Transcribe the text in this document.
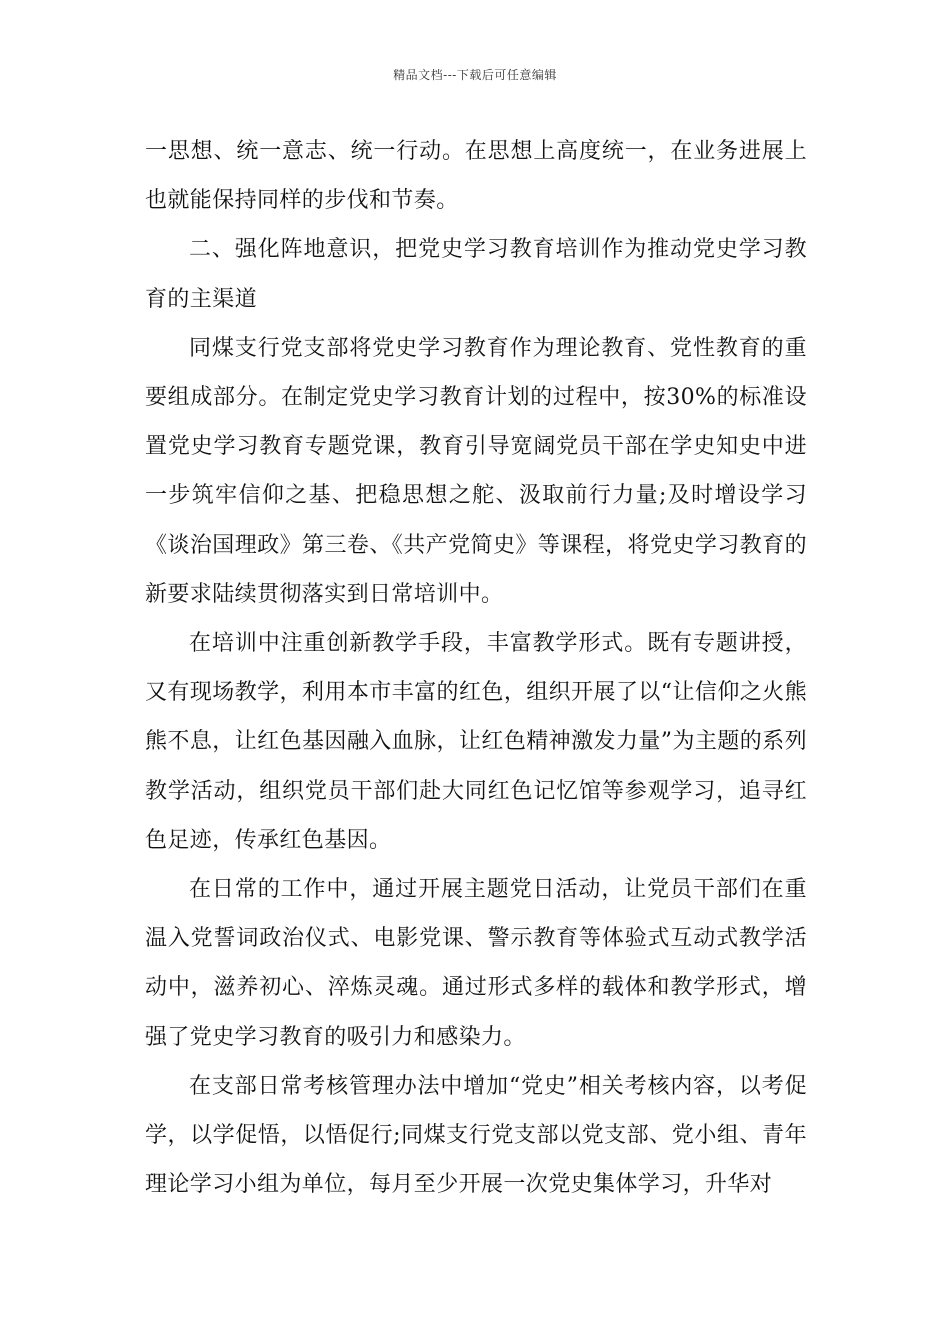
精品文档---下载后可任意编辑

一思想、统一意志、统一行动。在思想上高度统一，在业务进展上也就能保持同样的步伐和节奏。

二、强化阵地意识，把党史学习教育培训作为推动党史学习教育的主渠道

同煤支行党支部将党史学习教育作为理论教育、党性教育的重要组成部分。在制定党史学习教育计划的过程中，按30%的标准设置党史学习教育专题党课，教育引导宽阔党员干部在学史知史中进一步筑牢信仰之基、把稳思想之舵、汲取前行力量;及时增设学习《谈治国理政》第三卷、《共产党简史》等课程，将党史学习教育的新要求陆续贯彻落实到日常培训中。

在培训中注重创新教学手段，丰富教学形式。既有专题讲授，又有现场教学，利用本市丰富的红色，组织开展了以“让信仰之火熊熊不息，让红色基因融入血脉，让红色精神激发力量”为主题的系列教学活动，组织党员干部们赴大同红色记忆馆等参观学习，追寻红色足迹，传承红色基因。

在日常的工作中，通过开展主题党日活动，让党员干部们在重温入党誓词政治仪式、电影党课、警示教育等体验式互动式教学活动中，滋养初心、淬炼灵魂。通过形式多样的载体和教学形式，增强了党史学习教育的吸引力和感染力。

在支部日常考核管理办法中增加“党史”相关考核内容，以考促学，以学促悟，以悟促行;同煤支行党支部以党支部、党小组、青年理论学习小组为单位，每月至少开展一次党史集体学习，升华对
